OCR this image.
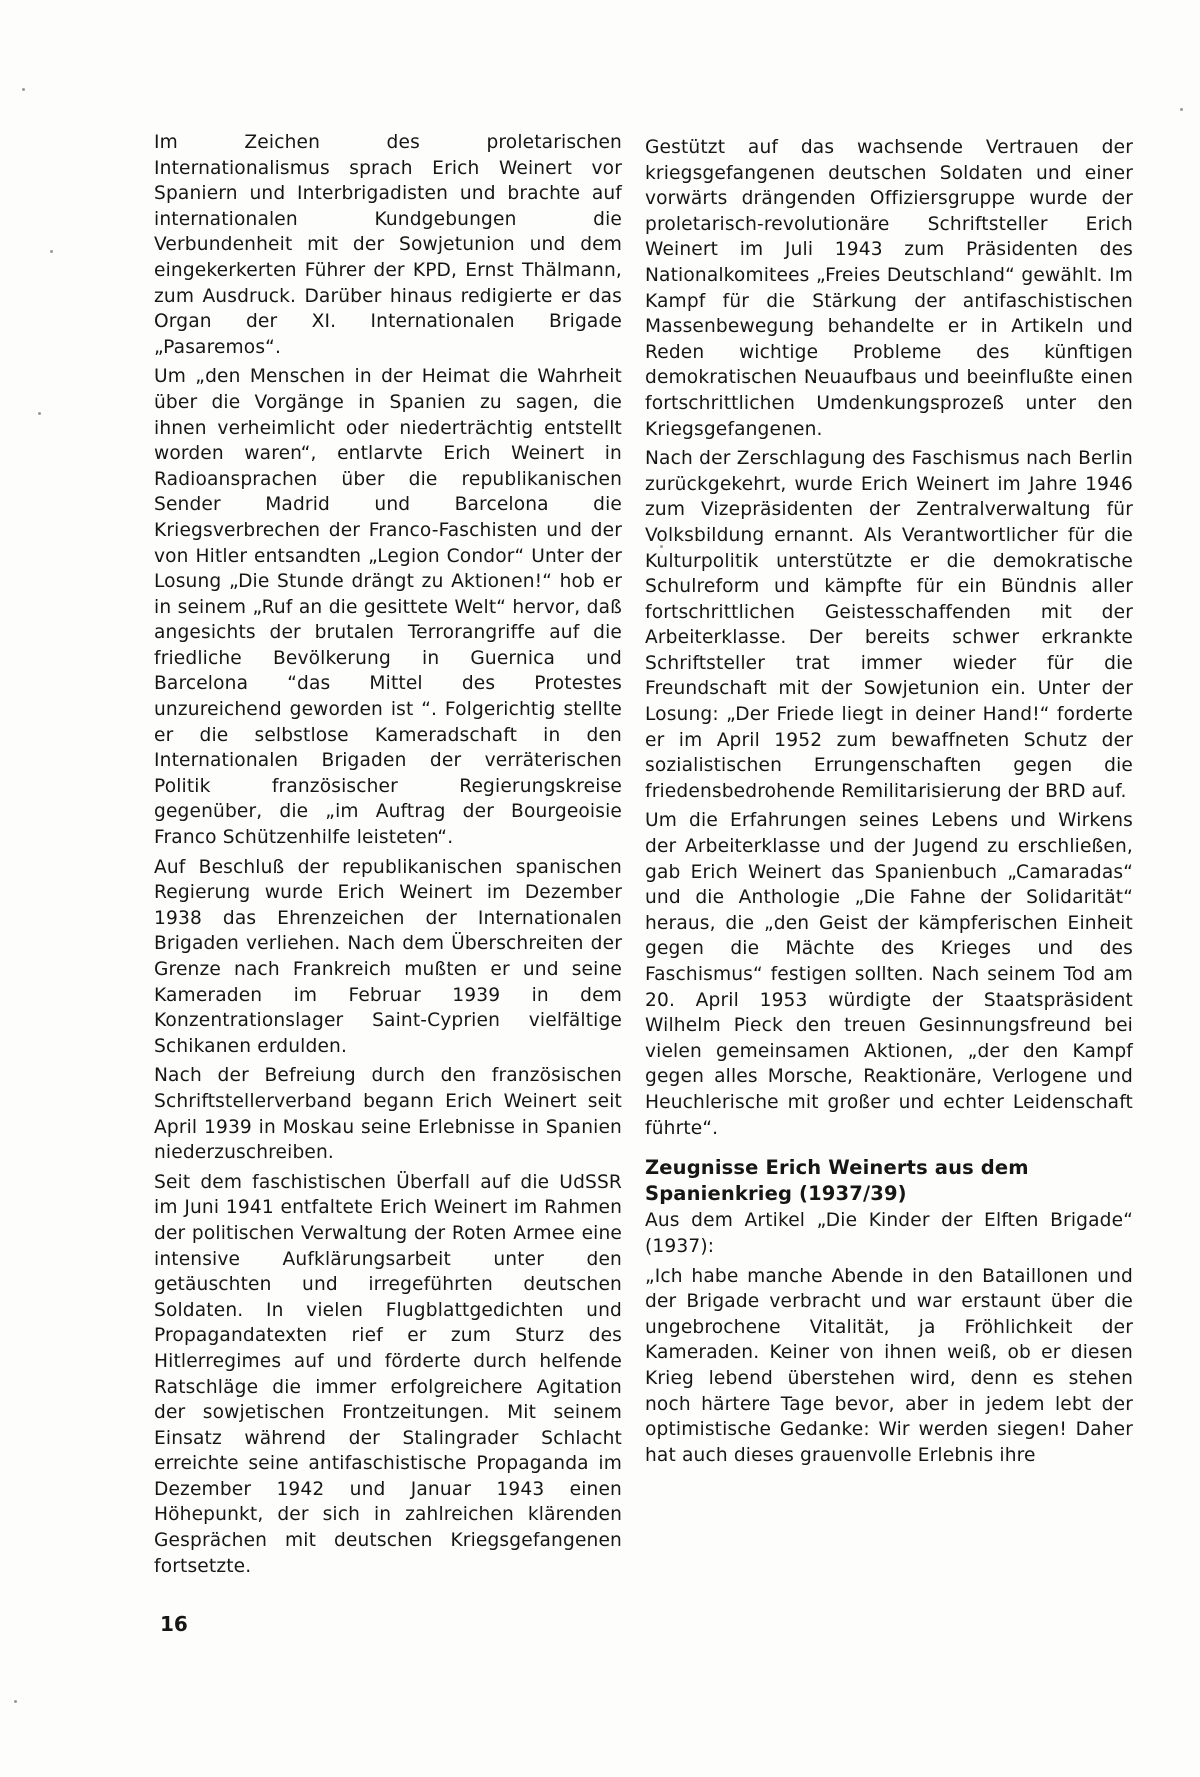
Im Zeichen des proletarischen Internationalismus sprach Erich Weinert vor Spaniern und Interbrigadisten und brachte auf internationalen Kundgebungen die Verbundenheit mit der Sowjetunion und dem eingekerkerten Führer der KPD, Ernst Thälmann, zum Ausdruck. Darüber hinaus redigierte er das Organ der XI. Internationalen Brigade „Pasaremos“.

Um „den Menschen in der Heimat die Wahrheit über die Vorgänge in Spanien zu sagen, die ihnen verheimlicht oder niederträchtig entstellt worden waren“, entlarvte Erich Weinert in Radioansprachen über die republikanischen Sender Madrid und Barcelona die Kriegsverbrechen der Franco-Faschisten und der von Hitler entsandten „Legion Condor“ Unter der Losung „Die Stunde drängt zu Aktionen!“ hob er in seinem „Ruf an die gesittete Welt“ hervor, daß angesichts der brutalen Terrorangriffe auf die friedliche Bevölkerung in Guernica und Barcelona “das Mittel des Protestes unzureichend geworden ist “. Folgerichtig stellte er die selbstlose Kameradschaft in den Internationalen Brigaden der verräterischen Politik französischer Regierungskreise gegenüber, die „im Auftrag der Bourgeoisie Franco Schützenhilfe leisteten“.

Auf Beschluß der republikanischen spanischen Regierung wurde Erich Weinert im Dezember 1938 das Ehrenzeichen der Internationalen Brigaden verliehen. Nach dem Überschreiten der Grenze nach Frankreich mußten er und seine Kameraden im Februar 1939 in dem Konzentrationslager Saint-Cyprien vielfältige Schikanen erdulden.

Nach der Befreiung durch den französischen Schriftstellerverband begann Erich Weinert seit April 1939 in Moskau seine Erlebnisse in Spanien niederzuschreiben.

Seit dem faschistischen Überfall auf die UdSSR im Juni 1941 entfaltete Erich Weinert im Rahmen der politischen Verwaltung der Roten Armee eine intensive Aufklärungsarbeit unter den getäuschten und irregeführten deutschen Soldaten. In vielen Flugblattgedichten und Propagandatexten rief er zum Sturz des Hitlerregimes auf und förderte durch helfende Ratschläge die immer erfolgreichere Agitation der sowjetischen Frontzeitungen. Mit seinem Einsatz während der Stalingrader Schlacht erreichte seine antifaschistische Propaganda im Dezember 1942 und Januar 1943 einen Höhepunkt, der sich in zahlreichen klärenden Gesprächen mit deutschen Kriegsgefangenen fortsetzte.

Gestützt auf das wachsende Vertrauen der kriegsgefangenen deutschen Soldaten und einer vorwärts drängenden Offiziersgruppe wurde der proletarisch-revolutionäre Schriftsteller Erich Weinert im Juli 1943 zum Präsidenten des Nationalkomitees „Freies Deutschland“ gewählt. Im Kampf für die Stärkung der antifaschistischen Massenbewegung behandelte er in Artikeln und Reden wichtige Probleme des künftigen demokratischen Neuaufbaus und beeinflußte einen fortschrittlichen Umdenkungsprozeß unter den Kriegsgefangenen.

Nach der Zerschlagung des Faschismus nach Berlin zurückgekehrt, wurde Erich Weinert im Jahre 1946 zum Vizepräsidenten der Zentralverwaltung für Volksbildung ernannt. Als Verantwortlicher für die Kulturpolitik unterstützte er die demokratische Schulreform und kämpfte für ein Bündnis aller fortschrittlichen Geistesschaffenden mit der Arbeiterklasse. Der bereits schwer erkrankte Schriftsteller trat immer wieder für die Freundschaft mit der Sowjetunion ein. Unter der Losung: „Der Friede liegt in deiner Hand!“ forderte er im April 1952 zum bewaffneten Schutz der sozialistischen Errungenschaften gegen die friedensbedrohende Remilitarisierung der BRD auf.

Um die Erfahrungen seines Lebens und Wirkens der Arbeiterklasse und der Jugend zu erschließen, gab Erich Weinert das Spanienbuch „Camaradas“ und die Anthologie „Die Fahne der Solidarität“ heraus, die „den Geist der kämpferischen Einheit gegen die Mächte des Krieges und des Faschismus“ festigen sollten. Nach seinem Tod am 20. April 1953 würdigte der Staatspräsident Wilhelm Pieck den treuen Gesinnungsfreund bei vielen gemeinsamen Aktionen, „der den Kampf gegen alles Morsche, Reaktionäre, Verlogene und Heuchlerische mit großer und echter Leidenschaft führte“.

Zeugnisse Erich Weinerts aus dem Spanienkrieg (1937/39)

Aus dem Artikel „Die Kinder der Elften Brigade“ (1937):

„Ich habe manche Abende in den Bataillonen und der Brigade verbracht und war erstaunt über die ungebrochene Vitalität, ja Fröhlichkeit der Kameraden. Keiner von ihnen weiß, ob er diesen Krieg lebend überstehen wird, denn es stehen noch härtere Tage bevor, aber in jedem lebt der optimistische Gedanke: Wir werden siegen! Daher hat auch dieses grauenvolle Erlebnis ihre

16
